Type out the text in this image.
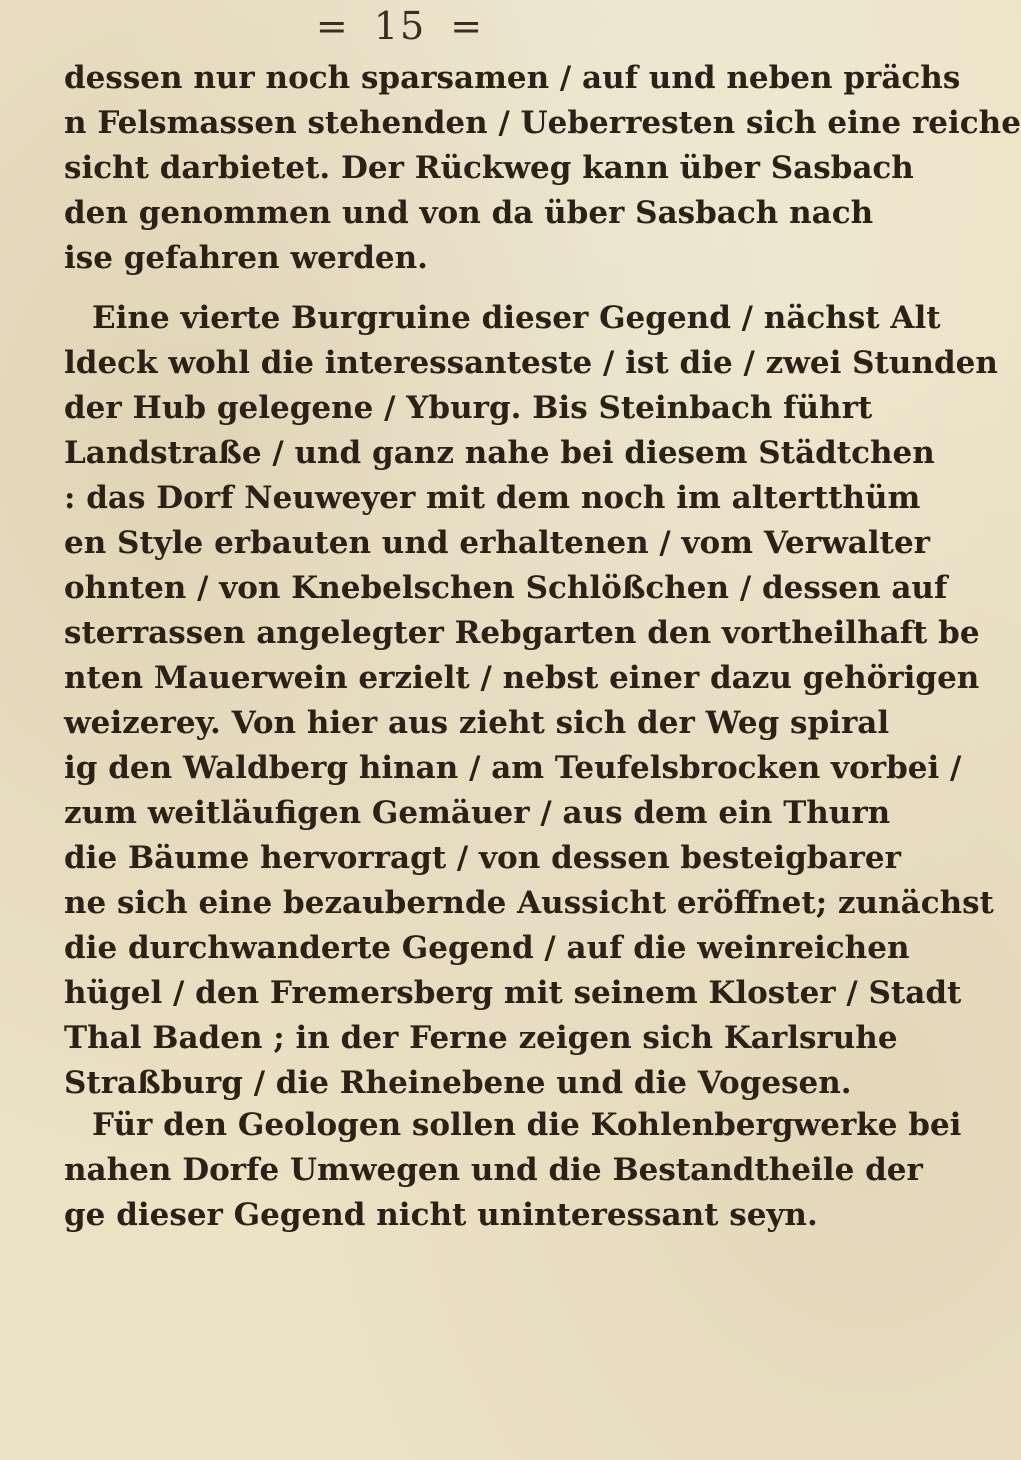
= 15 =
dessen nur noch sparsamen / auf und neben prächs
n Felsmassen stehenden / Ueberresten sich eine reiche
sicht darbietet. Der Rückweg kann über Sasbach
den genommen und von da über Sasbach nach
ise gefahren werden.
Eine vierte Burgruine dieser Gegend / nächst Alt
ldeck wohl die interessanteste / ist die / zwei Stunden
der Hub gelegene / Yburg. Bis Steinbach führt
Landstraße / und ganz nahe bei diesem Städtchen
: das Dorf Neuweyer mit dem noch im altertthüm
en Style erbauten und erhaltenen / vom Verwalter
ohnten / von Knebelschen Schlößchen / dessen auf
sterrassen angelegter Rebgarten den vortheilhaft be
nten Mauerwein erzielt / nebst einer dazu gehörigen
weizerey. Von hier aus zieht sich der Weg spiral
ig den Waldberg hinan / am Teufelsbrocken vorbei /
zum weitläufigen Gemäuer / aus dem ein Thurn
die Bäume hervorragt / von dessen besteigbarer
ne sich eine bezaubernde Aussicht eröffnet; zunächst
die durchwanderte Gegend / auf die weinreichen
hügel / den Fremersberg mit seinem Kloster / Stadt
Thal Baden ; in der Ferne zeigen sich Karlsruhe
Straßburg / die Rheinebene und die Vogesen.
Für den Geologen sollen die Kohlenbergwerke bei
nahen Dorfe Umwegen und die Bestandtheile der
ge dieser Gegend nicht uninteressant seyn.
